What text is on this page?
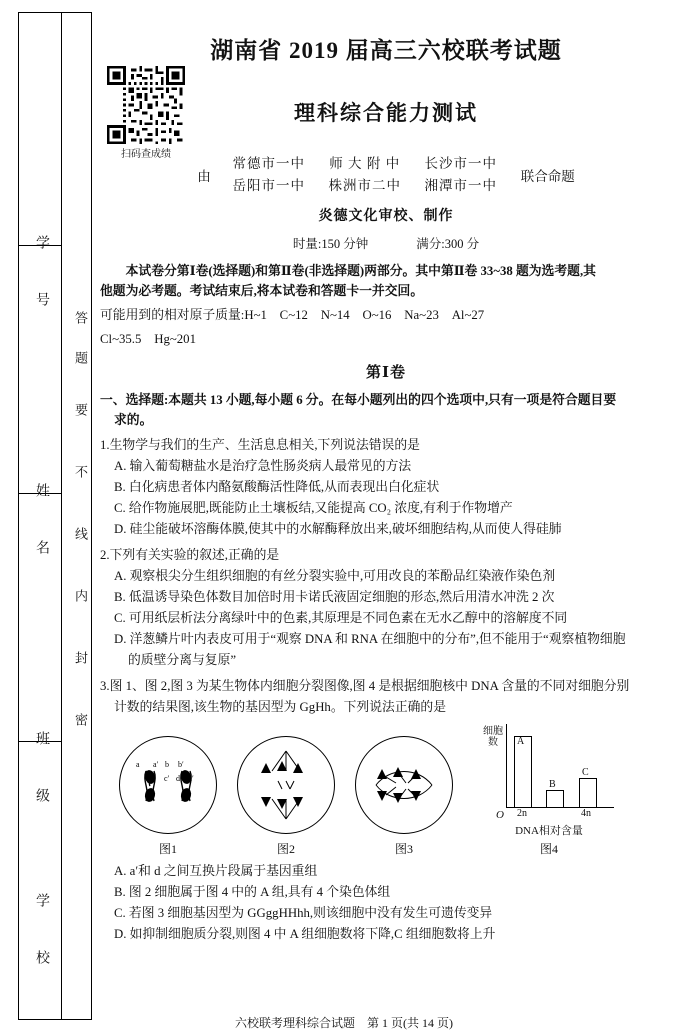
学 号
姓 名
班 级
学 校
答 题
要
不
线
内
封
密
湖南省 2019 届高三六校联考试题
扫码查成绩
理科综合能力测试
由
常德市一中 师 大 附 中 长沙市一中
岳阳市一中 株洲市二中 湘潭市一中
联合命题
炎德文化审校、制作
时量:150 分钟	满分:300 分
本试卷分第Ⅰ卷(选择题)和第Ⅱ卷(非选择题)两部分。其中第Ⅱ卷 33~38 题为选考题,其
他题为必考题。考试结束后,将本试卷和答题卡一并交回。
可能用到的相对原子质量:H~1　C~12　N~14　O~16　Na~23　Al~27
Cl~35.5　Hg~201
第Ⅰ卷
一、选择题:本题共 13 小题,每小题 6 分。在每小题列出的四个选项中,只有一项是符合题目要
求的。
1.生物学与我们的生产、生活息息相关,下列说法错误的是
A. 输入葡萄糖盐水是治疗急性肠炎病人最常见的方法
B. 白化病患者体内酪氨酸酶活性降低,从而表现出白化症状
C. 给作物施展肥,既能防止土壤板结,又能提高 CO₂ 浓度,有利于作物增产
D. 硅尘能破坏溶酶体膜,使其中的水解酶释放出来,破坏细胞结构,从而使人得硅肺
2.下列有关实验的叙述,正确的是
A. 观察根尖分生组织细胞的有丝分裂实验中,可用改良的苯酚品红染液作染色剂
B. 低温诱导染色体数目加倍时用卡诺氏液固定细胞的形态,然后用清水冲洗 2 次
C. 可用纸层析法分离绿叶中的色素,其原理是不同色素在无水乙醇中的溶解度不同
D. 洋葱鳞片叶内表皮可用于“观察 DNA 和 RNA 在细胞中的分布”,但不能用于“观察植物细胞
的质壁分离与复原”
3.图 1、图 2,图 3 为某生物体内细胞分裂图像,图 4 是根据细胞核中 DNA 含量的不同对细胞分别
计数的结果图,该生物的基因型为 GgHh。下列说法正确的是
a a′ b b′
c c′ d d′
图1	图2	图3
细胞数	A
B
C
O 2n	4n
DNA相对含量
图4
A. a′和 d 之间互换片段属于基因重组
B. 图 2 细胞属于图 4 中的 A 组,具有 4 个染色体组
C. 若图 3 细胞基因型为 GGggHHhh,则该细胞中没有发生可遗传变异
D. 如抑制细胞质分裂,则图 4 中 A 组细胞数将下降,C 组细胞数将上升
六校联考理科综合试题　第 1 页(共 14 页)
